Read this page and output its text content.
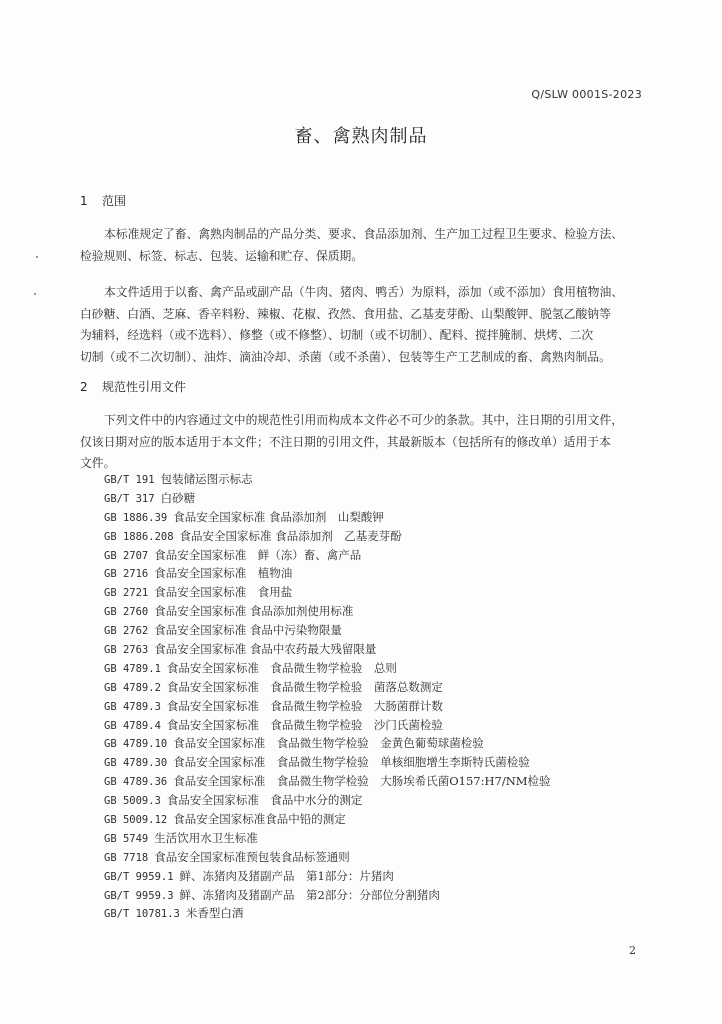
Q/SLW 0001S-2023
畜、禽熟肉制品
1 范围
本标准规定了畜、禽熟肉制品的产品分类、要求、食品添加剂、生产加工过程卫生要求、检验方法、
检验规则、标签、标志、包装、运输和贮存、保质期。
本文件适用于以畜、禽产品或副产品（牛肉、猪肉、鸭舌）为原料，添加（或不添加）食用植物油、
白砂糖、白酒、芝麻、香辛料粉、辣椒、花椒、孜然、食用盐、乙基麦芽酚、山梨酸钾、脱氢乙酸钠等
为辅料，经选料（或不选料）、修整（或不修整）、切制（或不切制）、配料、搅拌腌制、烘烤、二次
切制（或不二次切制）、油炸、滴油冷却、杀菌（或不杀菌）、包装等生产工艺制成的畜、禽熟肉制品。
2 规范性引用文件
下列文件中的内容通过文中的规范性引用而构成本文件必不可少的条款。其中，注日期的引用文件，
仅该日期对应的版本适用于本文件；不注日期的引用文件，其最新版本（包括所有的修改单）适用于本
文件。
GB/T 191 包装储运图示标志
GB/T 317 白砂糖
GB 1886.39 食品安全国家标准 食品添加剂　山梨酸钾
GB 1886.208 食品安全国家标准 食品添加剂　乙基麦芽酚
GB 2707 食品安全国家标准　鲜（冻）畜、禽产品
GB 2716 食品安全国家标准　植物油
GB 2721 食品安全国家标准　食用盐
GB 2760 食品安全国家标准 食品添加剂使用标准
GB 2762 食品安全国家标准 食品中污染物限量
GB 2763 食品安全国家标准 食品中农药最大残留限量
GB 4789.1 食品安全国家标准　食品微生物学检验　总则
GB 4789.2 食品安全国家标准　食品微生物学检验　菌落总数测定
GB 4789.3 食品安全国家标准　食品微生物学检验　大肠菌群计数
GB 4789.4 食品安全国家标准　食品微生物学检验　沙门氏菌检验
GB 4789.10 食品安全国家标准　食品微生物学检验　金黄色葡萄球菌检验
GB 4789.30 食品安全国家标准　食品微生物学检验　单核细胞增生李斯特氏菌检验
GB 4789.36 食品安全国家标准　食品微生物学检验　大肠埃希氏菌O157:H7/NM检验
GB 5009.3 食品安全国家标准　食品中水分的测定
GB 5009.12 食品安全国家标准食品中铅的测定
GB 5749 生活饮用水卫生标准
GB 7718 食品安全国家标准预包装食品标签通则
GB/T 9959.1 鲜、冻猪肉及猪副产品　第1部分：片猪肉
GB/T 9959.3 鲜、冻猪肉及猪副产品　第2部分：分部位分割猪肉
GB/T 10781.3 米香型白酒
2
